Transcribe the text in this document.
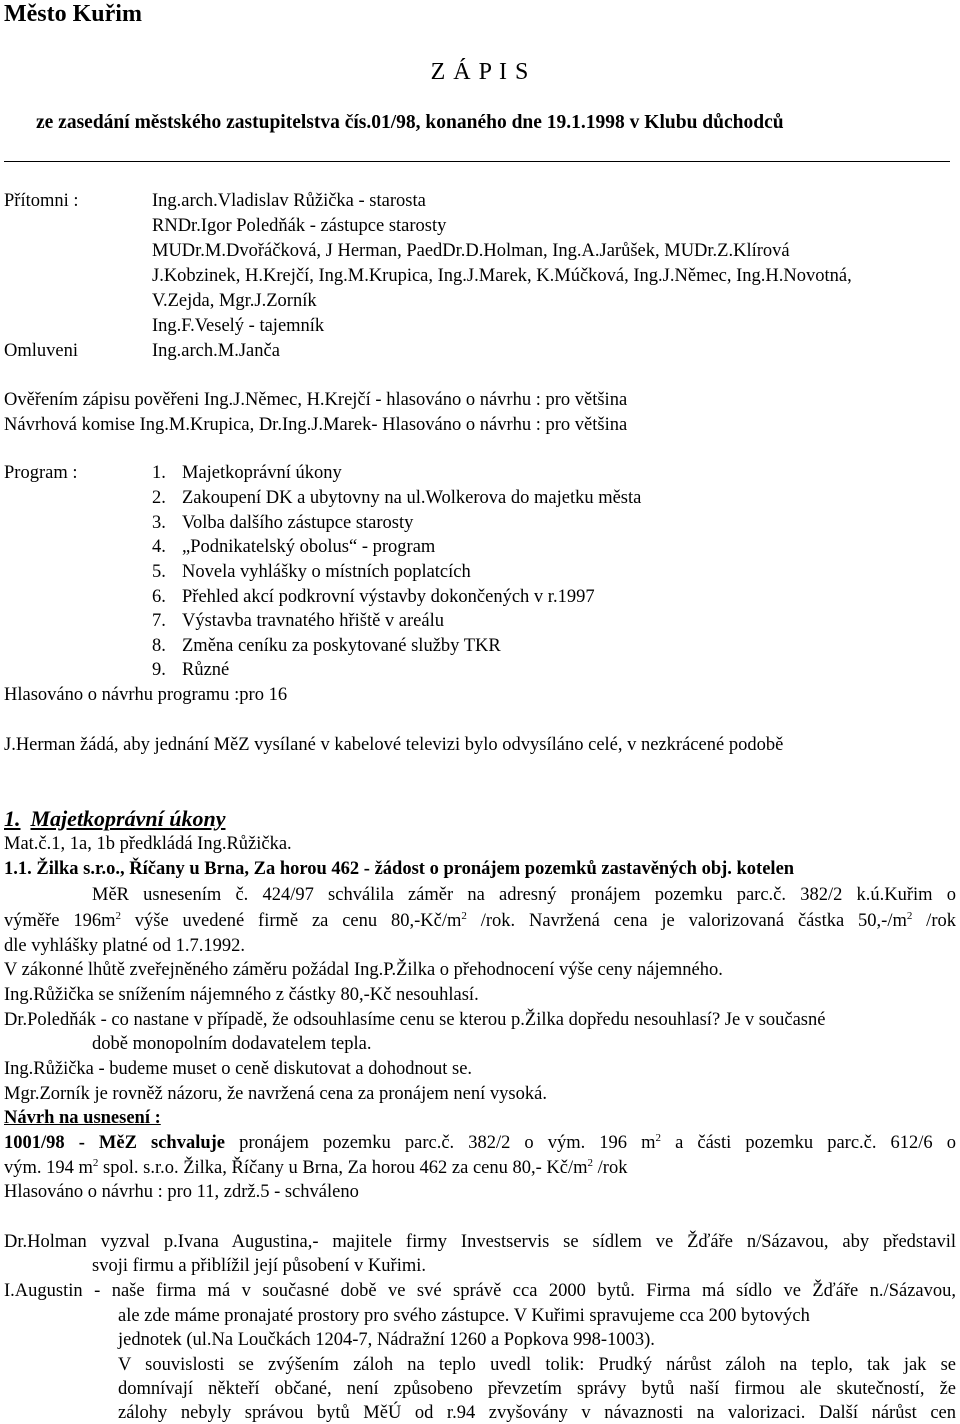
Město Kuřim
Z Á P I S
ze zasedání městského zastupitelstva čís.01/98, konaného dne 19.1.1998 v Klubu důchodců
Přítomni :	Ing.arch.Vladislav Růžička - starosta
RNDr.Igor Poledňák - zástupce starosty
MUDr.M.Dvořáčková, J Herman, PaedDr.D.Holman, Ing.A.Jarůšek, MUDr.Z.Klírová
J.Kobzinek, H.Krejčí, Ing.M.Krupica, Ing.J.Marek, K.Múčková, Ing.J.Němec, Ing.H.Novotná,
V.Zejda, Mgr.J.Zorník
Ing.F.Veselý - tajemník
Omluveni	Ing.arch.M.Janča
Ověřením zápisu pověřeni Ing.J.Němec, H.Krejčí - hlasováno o návrhu : pro většina
Návrhová komise Ing.M.Krupica, Dr.Ing.J.Marek- Hlasováno o návrhu : pro většina
Program :	1. Majetkoprávní úkony
2. Zakoupení DK a ubytovny na ul.Wolkerova do majetku města
3. Volba dalšího zástupce starosty
4. „Podnikatelský obolus“ - program
5. Novela vyhlášky o místních poplatcích
6. Přehled akcí podkrovní výstavby dokončených v r.1997
7. Výstavba travnatého hřiště v areálu
8. Změna ceníku za poskytované služby TKR
9. Různé
Hlasováno o návrhu programu :pro 16
J.Herman žádá, aby jednání MěZ vysílané v kabelové televizi bylo odvysíláno celé, v nezkrácené podobě
1. Majetkoprávní úkony
Mat.č.1, 1a, 1b předkládá Ing.Růžička.
1.1. Žilka s.r.o., Říčany u Brna, Za horou 462 - žádost o pronájem pozemků zastavěných obj. kotelen
MěR usnesením č. 424/97 schválila záměr na adresný pronájem pozemku parc.č. 382/2 k.ú.Kuřim o
výměře $196m^2$ výše uvedené firmě za cenu $80,-Kč/m^2$ /rok. Navržená cena je valorizovaná částka $50,-/m^2$ /rok
dle vyhlášky platné od 1.7.1992.
V zákonné lhůtě zveřejněného záměru požádal Ing.P.Žilka o přehodnocení výše ceny nájemného.
Ing.Růžička se snížením nájemného z částky 80,-Kč nesouhlasí.
Dr.Poledňák - co nastane v případě, že odsouhlasíme cenu se kterou p.Žilka dopředu nesouhlasí? Je v současné
době monopolním dodavatelem tepla.
Ing.Růžička - budeme muset o ceně diskutovat a dohodnout se.
Mgr.Zorník je rovněž názoru, že navržená cena za pronájem není vysoká.
Návrh na usnesení :
1001/98 - MěZ schvaluje pronájem pozemku parc.č. 382/2 o vým. 196 $m^2$ a části pozemku parc.č. 612/6 o
vým. 194 $m^2$ spol. s.r.o. Žilka, Říčany u Brna, Za horou 462 za cenu 80,- $Kč/m^2$ /rok
Hlasováno o návrhu : pro 11, zdrž.5 - schváleno
Dr.Holman vyzval p.Ivana Augustina,- majitele firmy Investservis se sídlem ve Žďáře n/Sázavou, aby představil
svoji firmu a přiblížil její působení v Kuřimi.
I.Augustin - naše firma má v současné době ve své správě cca 2000 bytů. Firma má sídlo ve Žďáře n./Sázavou,
ale zde máme pronajaté prostory pro svého zástupce. V Kuřimi spravujeme cca 200 bytových
jednotek (ul.Na Loučkách 1204-7, Nádražní 1260 a Popkova 998-1003).
V souvislosti se zvýšením záloh na teplo uvedl tolik: Prudký nárůst záloh na teplo, tak jak se
domnívají někteří občané, není způsobeno převzetím správy bytů naší firmou ale skutečností, že
zálohy nebyly správou bytů MěÚ od r.94 zvyšovány v návaznosti na valorizaci. Další nárůst cen
